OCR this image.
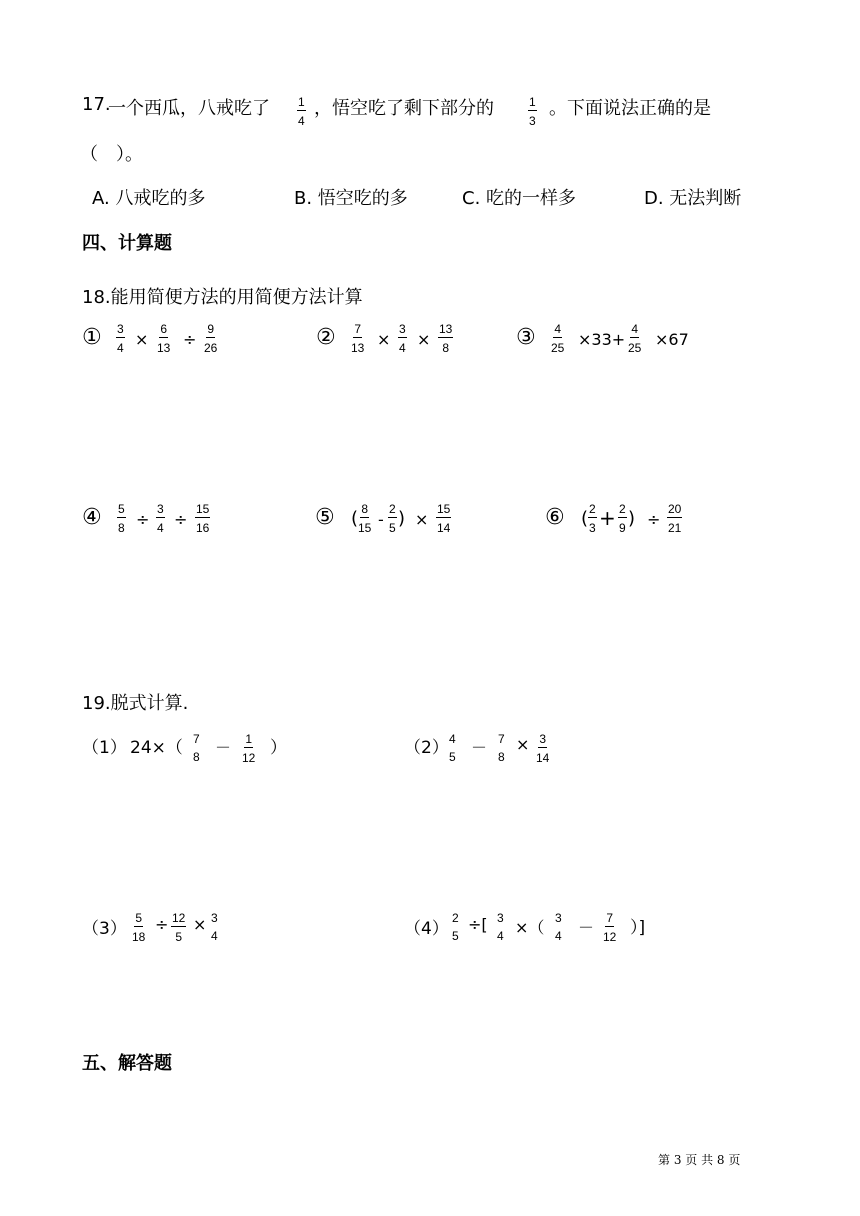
17.
一个西瓜，八戒吃了 $\frac{1}{4}$ ，悟空吃了剩下部分的	$\frac{1}{3}$ 。下面说法正确的是
（　）。
A. 八戒吃的多	B. 悟空吃的多	C. 吃的一样多	D. 无法判断
四、计算题
18.能用简便方法的用简便方法计算
① $\frac{3}{4} \times \frac{6}{13} \div \frac{9}{26}$	② $\frac{7}{13} \times \frac{3}{4} \times \frac{13}{8}$	③ $\frac{4}{25} \times 33+ \frac{4}{25} \times 67$
④ $\frac{5}{8} \div \frac{3}{4} \div \frac{15}{16}$	⑤ ( $\frac{8}{15} - \frac{2}{5}$ ) × $\frac{15}{14}$	⑥ ( $\frac{2}{3} + \frac{2}{9}$ ) ÷ $\frac{20}{21}$
19.脱式计算.
（1） 24×（ 7
$8 - \frac{1}{12}$ ）	（2） 4
5 － 7
8
× $\frac{3}{14}$
$(3) \frac{5}{18} \div \frac{12}{5} \times 3$
4	（4）
2
5
÷[ 3
4 ×（ 3
$4 - \frac{7}{12}$ ）]
五、解答题
第 3 页 共 8 页
